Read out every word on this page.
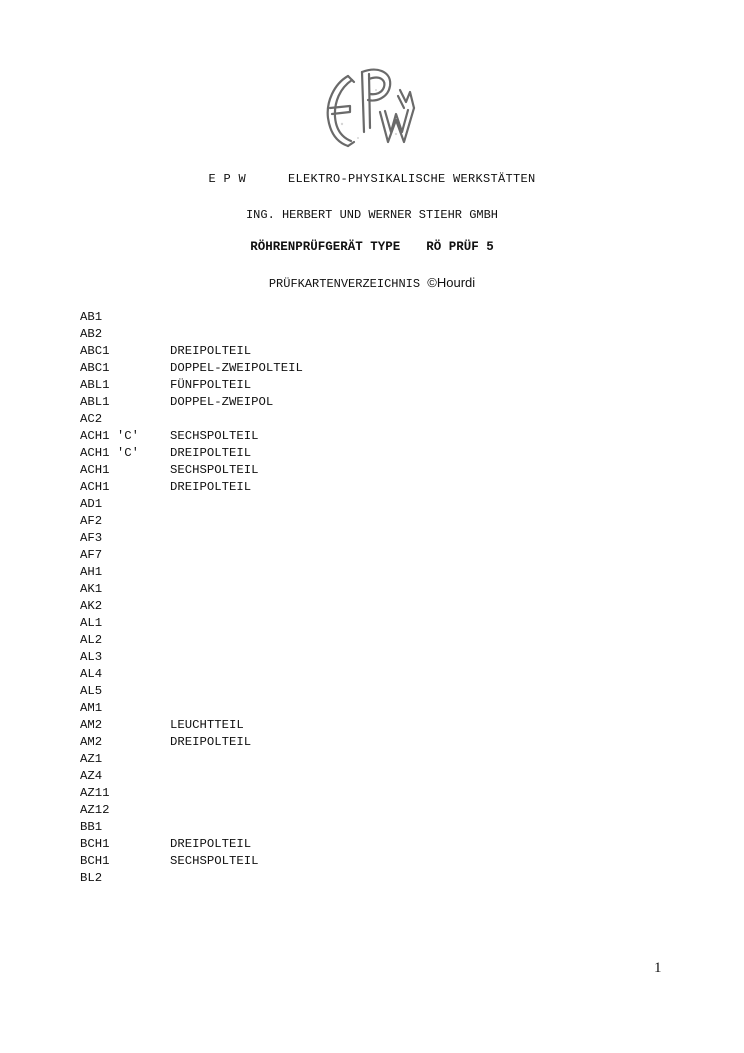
E P W	ELEKTRO-PHYSIKALISCHE WERKSTÄTTEN
ING. HERBERT UND WERNER STIEHR GMBH
RÖHRENPRÜFGERÄT TYPE RÖ PRÜF 5
PRÜFKARTENVERZEICHNIS ©Hourdi
AB1
AB2
ABC1	DREIPOLTEIL
ABC1	DOPPEL-ZWEIPOLTEIL
ABL1	FÜNFPOLTEIL
ABL1	DOPPEL-ZWEIPOL
AC2
ACH1 'C'	SECHSPOLTEIL
ACH1 'C'	DREIPOLTEIL
ACH1	SECHSPOLTEIL
ACH1	DREIPOLTEIL
AD1
AF2
AF3
AF7
AH1
AK1
AK2
AL1
AL2
AL3
AL4
AL5
AM1
AM2	LEUCHTTEIL
AM2	DREIPOLTEIL
AZ1
AZ4
AZ11
AZ12
BB1
BCH1	DREIPOLTEIL
BCH1	SECHSPOLTEIL
BL2
1
